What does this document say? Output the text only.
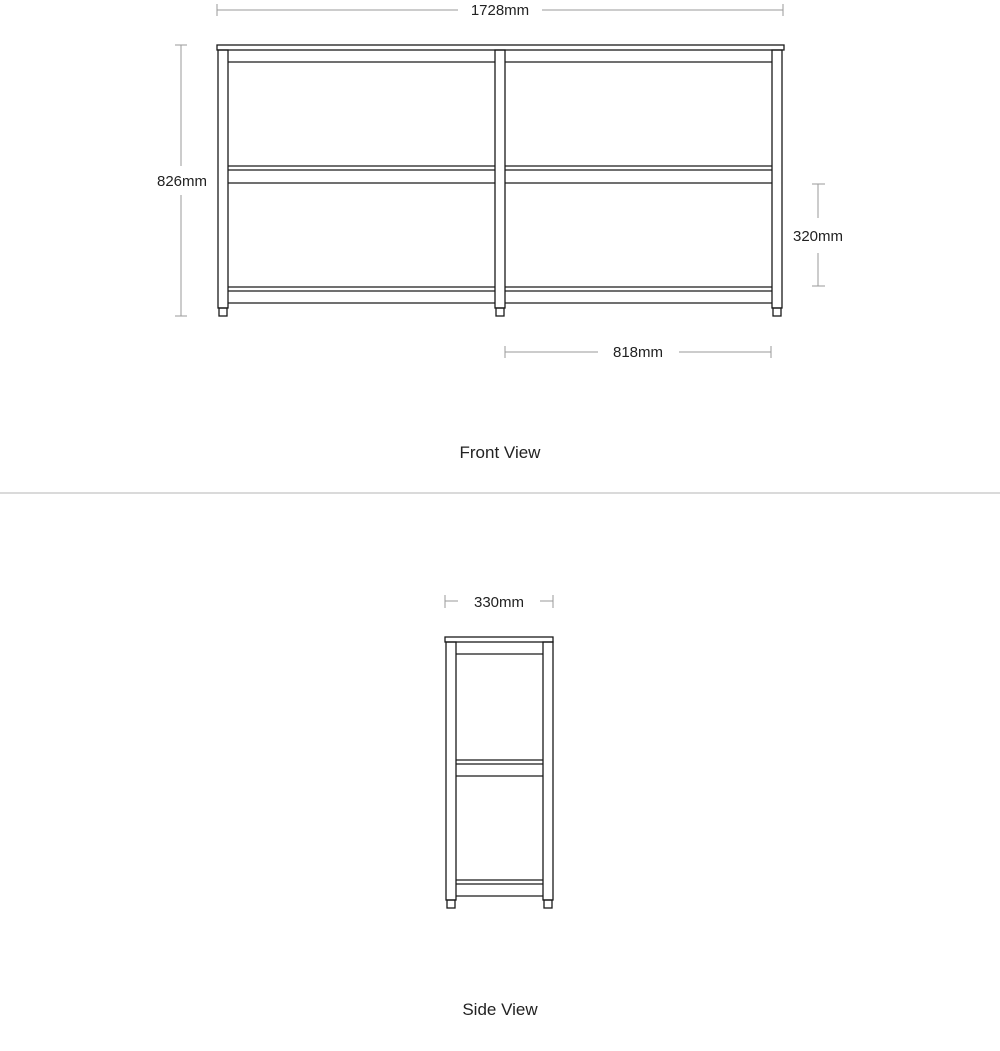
1728mm
826mm
320mm
818mm
Front View
330mm
Side View
